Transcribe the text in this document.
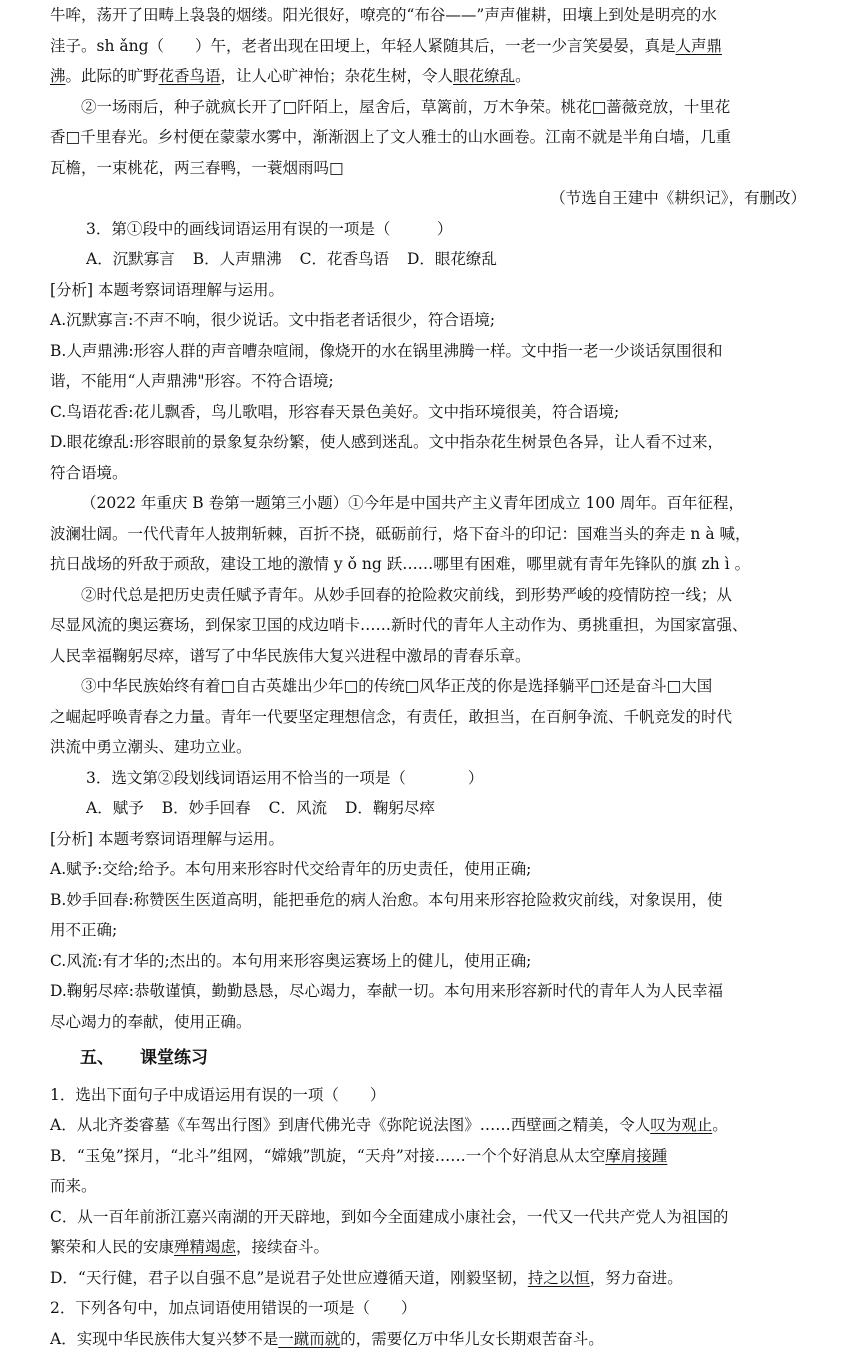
牛哞，荡开了田畴上袅袅的烟缕。阳光很好，嘹亮的“布谷——”声声催耕，田壤上到处是明亮的水

洼子。sh ǎng（　　）午，老者出现在田埂上，年轻人紧随其后，一老一少言笑晏晏，真是人声鼎

沸。此际的旷野花香鸟语，让人心旷神怡；杂花生树，令人眼花缭乱。

②一场雨后，种子就疯长开了□阡陌上，屋舍后，草篱前，万木争荣。桃花□蔷薇竞放，十里花

香□千里春光。乡村便在蒙蒙水雾中，渐渐洇上了文人雅士的山水画卷。江南不就是半角白墙，几重

瓦檐，一束桃花，两三春鸭，一蓑烟雨吗□

（节选自王建中《耕织记》，有删改）

3．第①段中的画线词语运用有误的一项是（　　　）

A．沉默寡言 B．人声鼎沸 C．花香鸟语 D．眼花缭乱

[分析] 本题考察词语理解与运用。

A.沉默寡言:不声不响，很少说话。文中指老者话很少，符合语境;

B.人声鼎沸:形容人群的声音嘈杂喧闹，像烧开的水在锅里沸腾一样。文中指一老一少谈话氛围很和

谐，不能用“人声鼎沸"形容。不符合语境;

C.鸟语花香:花儿飘香，鸟儿歌唱，形容春天景色美好。文中指环境很美，符合语境;

D.眼花缭乱:形容眼前的景象复杂纷繁，使人感到迷乱。文中指杂花生树景色各异，让人看不过来，

符合语境。

（2022 年重庆 B 卷第一题第三小题）①今年是中国共产主义青年团成立 100 周年。百年征程，

波澜壮阔。一代代青年人披荆斩棘，百折不挠，砥砺前行，烙下奋斗的印记：国难当头的奔走 n à 喊，

抗日战场的歼敌于顽敌，建设工地的激情 y ǒ ng 跃……哪里有困难，哪里就有青年先锋队的旗 zh ì 。

②时代总是把历史责任赋予青年。从妙手回春的抢险救灾前线，到形势严峻的疫情防控一线；从

尽显风流的奥运赛场，到保家卫国的戍边哨卡……新时代的青年人主动作为、勇挑重担，为国家富强、

人民幸福鞠躬尽瘁，谱写了中华民族伟大复兴进程中激昂的青春乐章。

③中华民族始终有着□自古英雄出少年□的传统□风华正茂的你是选择躺平□还是奋斗□大国

之崛起呼唤青春之力量。青年一代要坚定理想信念，有责任，敢担当，在百舸争流、千帆竞发的时代

洪流中勇立潮头、建功立业。

3．选文第②段划线词语运用不恰当的一项是（　　　　）

A．赋予 B．妙手回春 C．风流 D．鞠躬尽瘁

[分析] 本题考察词语理解与运用。

A.赋予:交给;给予。本句用来形容时代交给青年的历史责任，使用正确;

B.妙手回春:称赞医生医道高明，能把垂危的病人治愈。本句用来形容抢险救灾前线，对象误用，使

用不正确;

C.风流:有才华的;杰出的。本句用来形容奥运赛场上的健儿，使用正确;

D.鞠躬尽瘁:恭敬谨慎，勤勤恳恳，尽心竭力，奉献一切。本句用来形容新时代的青年人为人民幸福

尽心竭力的奉献，使用正确。

五、 课堂练习

1．选出下面句子中成语运用有误的一项（　　）

A．从北齐娄睿墓《车驾出行图》到唐代佛光寺《弥陀说法图》……西壁画之精美，令人叹为观止。

B．“玉兔”探月，“北斗”组网，“嫦娥”凯旋，“天舟”对接……一个个好消息从太空摩肩接踵

而来。

C．从一百年前浙江嘉兴南湖的开天辟地，到如今全面建成小康社会，一代又一代共产党人为祖国的

繁荣和人民的安康殚精竭虑，接续奋斗。

D．“天行健，君子以自强不息”是说君子处世应遵循天道，刚毅坚韧，持之以恒，努力奋进。

2．下列各句中，加点词语使用错误的一项是（　　）

A．实现中华民族伟大复兴梦不是一蹴而就的，需要亿万中华儿女长期艰苦奋斗。
